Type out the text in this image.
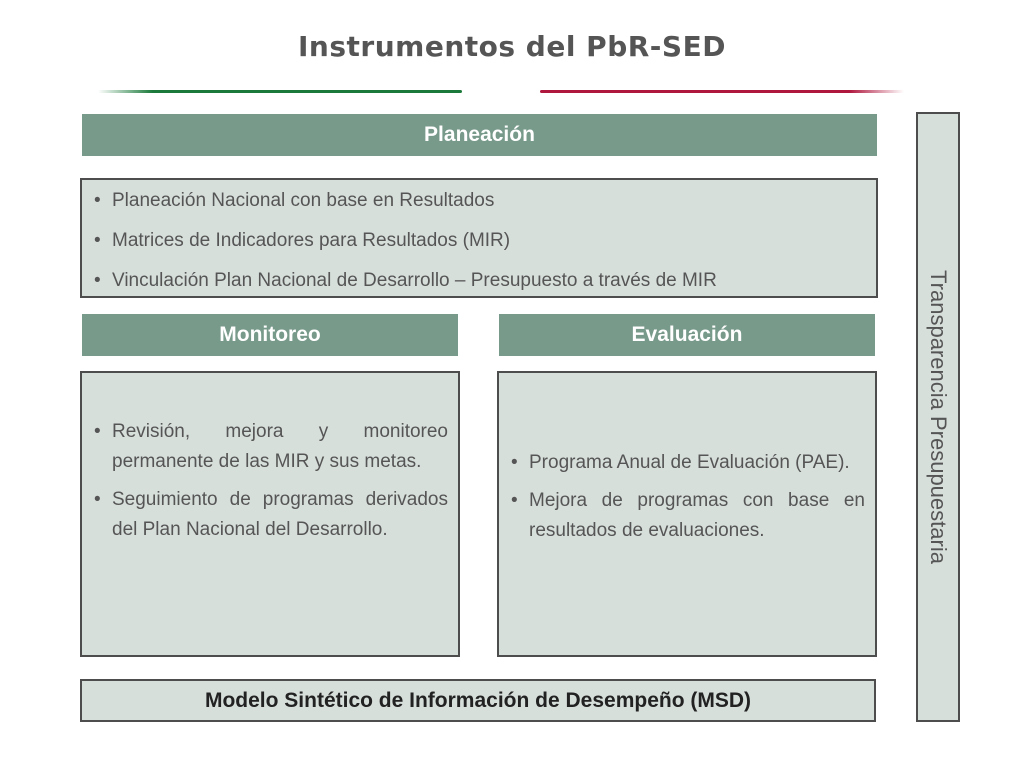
Instrumentos del PbR-SED
Planeación
• Planeación Nacional con base en Resultados
• Matrices de Indicadores para Resultados (MIR)
• Vinculación Plan Nacional de Desarrollo – Presupuesto a través de MIR
Monitoreo
• Revisión, mejora y monitoreo permanente de las MIR y sus metas.
• Seguimiento de programas derivados del Plan Nacional del Desarrollo.
Evaluación
• Programa Anual de Evaluación (PAE).
• Mejora de programas con base en resultados de evaluaciones.	Transparencia Presupuestaria
Modelo Sintético de Información de Desempeño (MSD)
